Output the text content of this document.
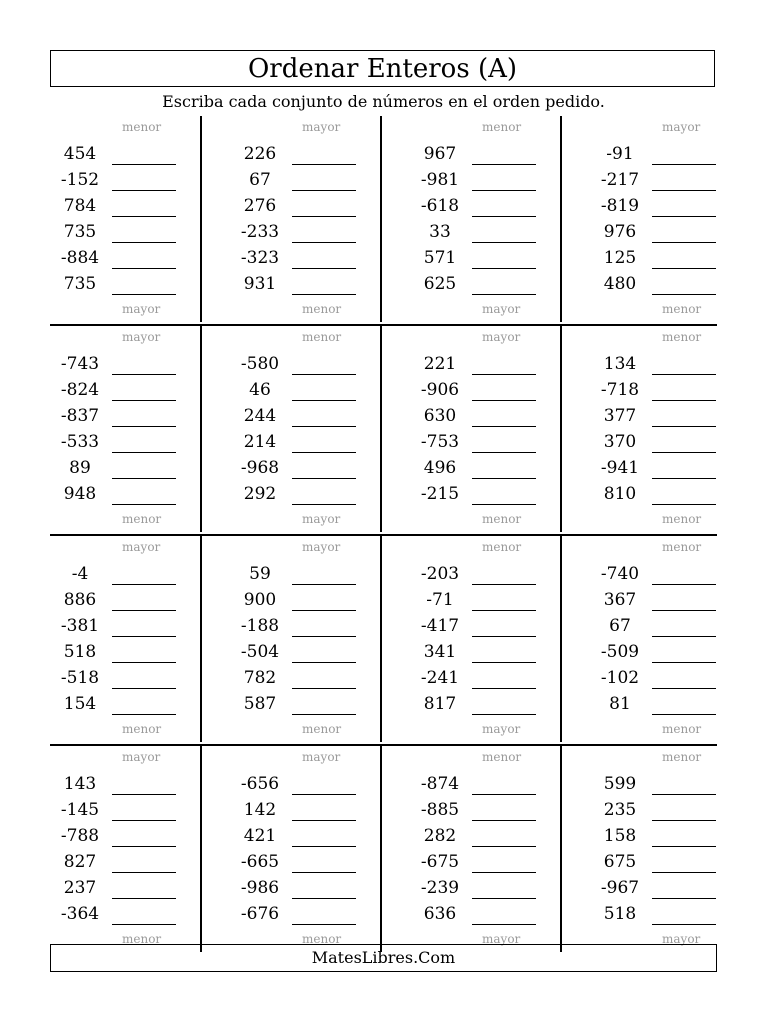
Ordenar Enteros (A)
Escriba cada conjunto de números en el orden pedido.
menor
454
-152
784
735
-884
735
mayor
mayor
226
67
276
-233
-323
931
menor
menor
967
-981
-618
33
571
625
mayor
mayor
-91
-217
-819
976
125
480
menor
mayor
-743
-824
-837
-533
89
948
menor
menor
-580
46
244
214
-968
292
mayor
mayor
221
-906
630
-753
496
-215
menor
menor
134
-718
377
370
-941
810
menor
mayor
-4
886
-381
518
-518
154
menor
mayor
59
900
-188
-504
782
587
menor
menor
-203
-71
-417
341
-241
817
mayor
menor
-740
367
67
-509
-102
81
menor
mayor
143
-145
-788
827
237
-364
menor
mayor
-656
142
421
-665
-986
-676
menor
menor
-874
-885
282
-675
-239
636
mayor
menor
599
235
158
675
-967
518
mayor
MatesLibres.Com
